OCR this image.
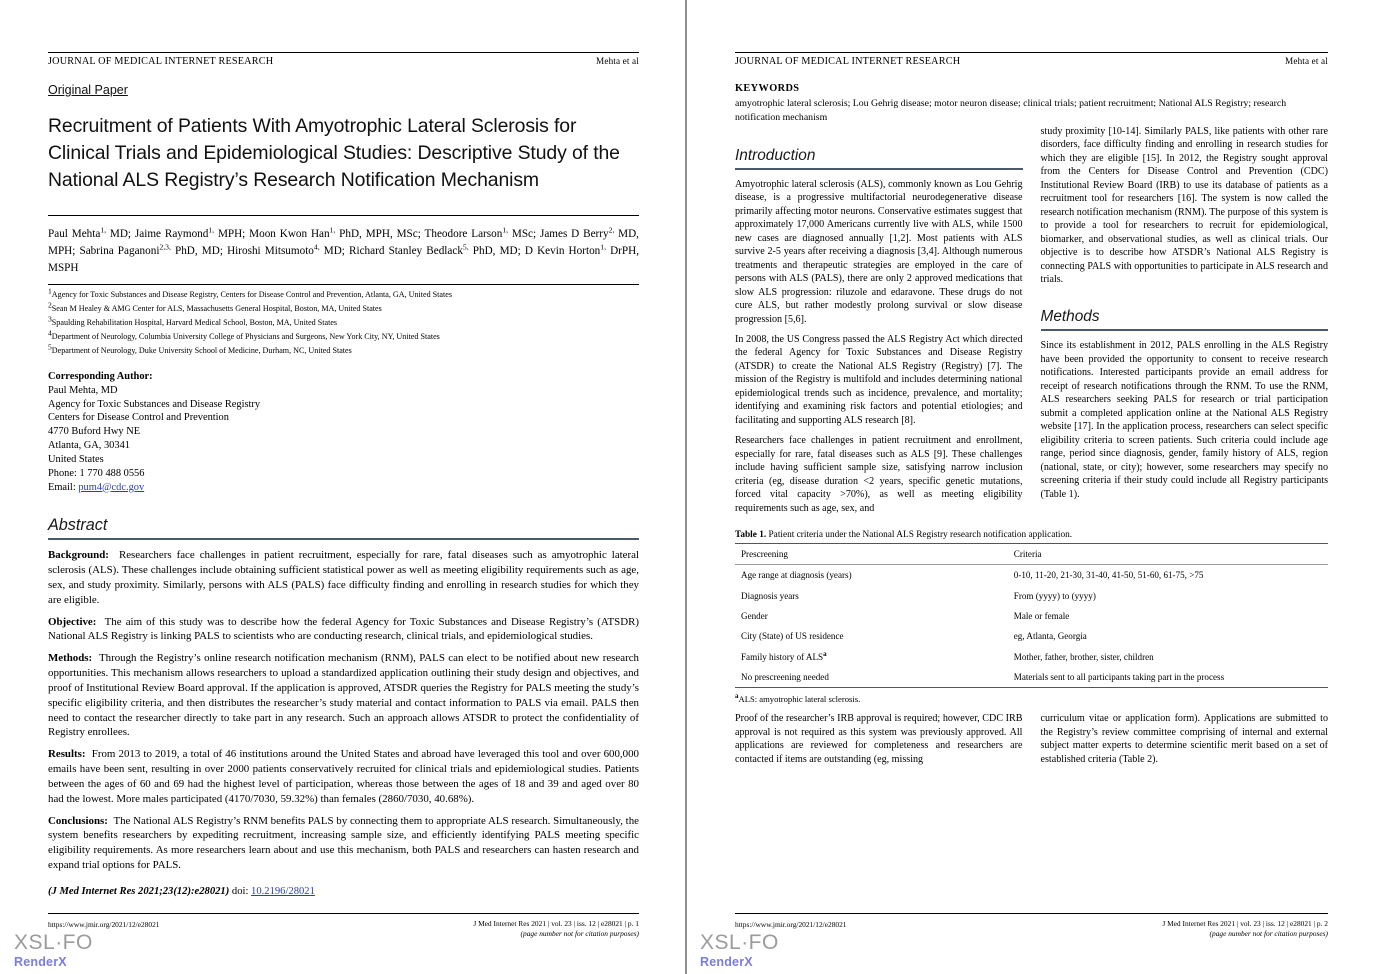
JOURNAL OF MEDICAL INTERNET RESEARCH	Mehta et al
Original Paper
Recruitment of Patients With Amyotrophic Lateral Sclerosis for Clinical Trials and Epidemiological Studies: Descriptive Study of the National ALS Registry’s Research Notification Mechanism
Paul Mehta$^{1,}$ MD; Jaime Raymond$^{1,}$ MPH; Moon Kwon Han$^{1,}$ PhD, MPH, MSc; Theodore Larson$^{1,}$ MSc; James D Berry$^{2,}$ MD, MPH; Sabrina Paganoni$^{2,3,}$ PhD, MD; Hiroshi Mitsumoto$^{4,}$ MD; Richard Stanley Bedlack$^{5,}$ PhD, MD; D Kevin Horton$^{1,}$ DrPH, MSPH
$^1$Agency for Toxic Substances and Disease Registry, Centers for Disease Control and Prevention, Atlanta, GA, United States
$^2$Sean M Healey & AMG Center for ALS, Massachusetts General Hospital, Boston, MA, United States
$^3$Spaulding Rehabilitation Hospital, Harvard Medical School, Boston, MA, United States
$^4$Department of Neurology, Columbia University College of Physicians and Surgeons, New York City, NY, United States
$^5$Department of Neurology, Duke University School of Medicine, Durham, NC, United States
Corresponding Author:
Paul Mehta, MD
Agency for Toxic Substances and Disease Registry
Centers for Disease Control and Prevention
4770 Buford Hwy NE
Atlanta, GA, 30341
United States
Phone: 1 770 488 0556
Email: pum4@cdc.gov
Abstract

Background:  Researchers face challenges in patient recruitment, especially for rare, fatal diseases such as amyotrophic lateral sclerosis (ALS). These challenges include obtaining sufficient statistical power as well as meeting eligibility requirements such as age, sex, and study proximity. Similarly, persons with ALS (PALS) face difficulty finding and enrolling in research studies for which they are eligible.

Objective:  The aim of this study was to describe how the federal Agency for Toxic Substances and Disease Registry’s (ATSDR) National ALS Registry is linking PALS to scientists who are conducting research, clinical trials, and epidemiological studies.

Methods:  Through the Registry’s online research notification mechanism (RNM), PALS can elect to be notified about new research opportunities. This mechanism allows researchers to upload a standardized application outlining their study design and objectives, and proof of Institutional Review Board approval. If the application is approved, ATSDR queries the Registry for PALS meeting the study’s specific eligibility criteria, and then distributes the researcher’s study material and contact information to PALS via email. PALS then need to contact the researcher directly to take part in any research. Such an approach allows ATSDR to protect the confidentiality of Registry enrollees.

Results:  From 2013 to 2019, a total of 46 institutions around the United States and abroad have leveraged this tool and over 600,000 emails have been sent, resulting in over 2000 patients conservatively recruited for clinical trials and epidemiological studies. Patients between the ages of 60 and 69 had the highest level of participation, whereas those between the ages of 18 and 39 and aged over 80 had the lowest. More males participated (4170/7030, 59.32%) than females (2860/7030, 40.68%).

Conclusions:  The National ALS Registry’s RNM benefits PALS by connecting them to appropriate ALS research. Simultaneously, the system benefits researchers by expediting recruitment, increasing sample size, and efficiently identifying PALS meeting specific eligibility requirements. As more researchers learn about and use this mechanism, both PALS and researchers can hasten research and expand trial options for PALS.

(J Med Internet Res 2021;23(12):e28021) doi: 10.2196/28021
https://www.jmir.org/2021/12/e28021	J Med Internet Res 2021 | vol. 23 | iss. 12 | e28021 | p. 1
(page number not for citation purposes)
JOURNAL OF MEDICAL INTERNET RESEARCH	Mehta et al
KEYWORDS
amyotrophic lateral sclerosis; Lou Gehrig disease; motor neuron disease; clinical trials; patient recruitment; National ALS Registry; research notification mechanism
Introduction

Amyotrophic lateral sclerosis (ALS), commonly known as Lou Gehrig disease, is a progressive multifactorial neurodegenerative disease primarily affecting motor neurons. Conservative estimates suggest that approximately 17,000 Americans currently live with ALS, while 1500 new cases are diagnosed annually [1,2]. Most patients with ALS survive 2-5 years after receiving a diagnosis [3,4]. Although numerous treatments and therapeutic strategies are employed in the care of persons with ALS (PALS), there are only 2 approved medications that slow ALS progression: riluzole and edaravone. These drugs do not cure ALS, but rather modestly prolong survival or slow disease progression [5,6].

In 2008, the US Congress passed the ALS Registry Act which directed the federal Agency for Toxic Substances and Disease Registry (ATSDR) to create the National ALS Registry (Registry) [7]. The mission of the Registry is multifold and includes determining national epidemiological trends such as incidence, prevalence, and mortality; identifying and examining risk factors and potential etiologies; and facilitating and supporting ALS research [8].

Researchers face challenges in patient recruitment and enrollment, especially for rare, fatal diseases such as ALS [9]. These challenges include having sufficient sample size, satisfying narrow inclusion criteria (eg, disease duration <2 years, specific genetic mutations, forced vital capacity >70%), as well as meeting eligibility requirements such as age, sex, and

study proximity [10-14]. Similarly PALS, like patients with other rare disorders, face difficulty finding and enrolling in research studies for which they are eligible [15]. In 2012, the Registry sought approval from the Centers for Disease Control and Prevention (CDC) Institutional Review Board (IRB) to use its database of patients as a recruitment tool for researchers [16]. The system is now called the research notification mechanism (RNM). The purpose of this system is to provide a tool for researchers to recruit for epidemiological, biomarker, and observational studies, as well as clinical trials. Our objective is to describe how ATSDR’s National ALS Registry is connecting PALS with opportunities to participate in ALS research and trials.

Methods

Since its establishment in 2012, PALS enrolling in the ALS Registry have been provided the opportunity to consent to receive research notifications. Interested participants provide an email address for receipt of research notifications through the RNM. To use the RNM, ALS researchers seeking PALS for research or trial participation submit a completed application online at the National ALS Registry website [17]. In the application process, researchers can select specific eligibility criteria to screen patients. Such criteria could include age range, period since diagnosis, gender, family history of ALS, region (national, state, or city); however, some researchers may specify no screening criteria if their study could include all Registry participants (Table 1).

Table 1. Patient criteria under the National ALS Registry research notification application.
Prescreening	Criteria
Age range at diagnosis (years)	0-10, 11-20, 21-30, 31-40, 41-50, 51-60, 61-75, >75
Diagnosis years	From (yyyy) to (yyyy)
Gender	Male or female
City (State) of US residence	eg, Atlanta, Georgia
Family history of ALS$^a$	Mother, father, brother, sister, children
No prescreening needed	Materials sent to all participants taking part in the process
$^a$ALS: amyotrophic lateral sclerosis.

Proof of the researcher’s IRB approval is required; however, CDC IRB approval is not required as this system was previously approved. All applications are reviewed for completeness and researchers are contacted if items are outstanding (eg, missing

curriculum vitae or application form). Applications are submitted to the Registry’s review committee comprising of internal and external subject matter experts to determine scientific merit based on a set of established criteria (Table 2).

https://www.jmir.org/2021/12/e28021	J Med Internet Res 2021 | vol. 23 | iss. 12 | e28021 | p. 2
(page number not for citation purposes)
XSL·FO
RenderX
XSL·FO
RenderX
